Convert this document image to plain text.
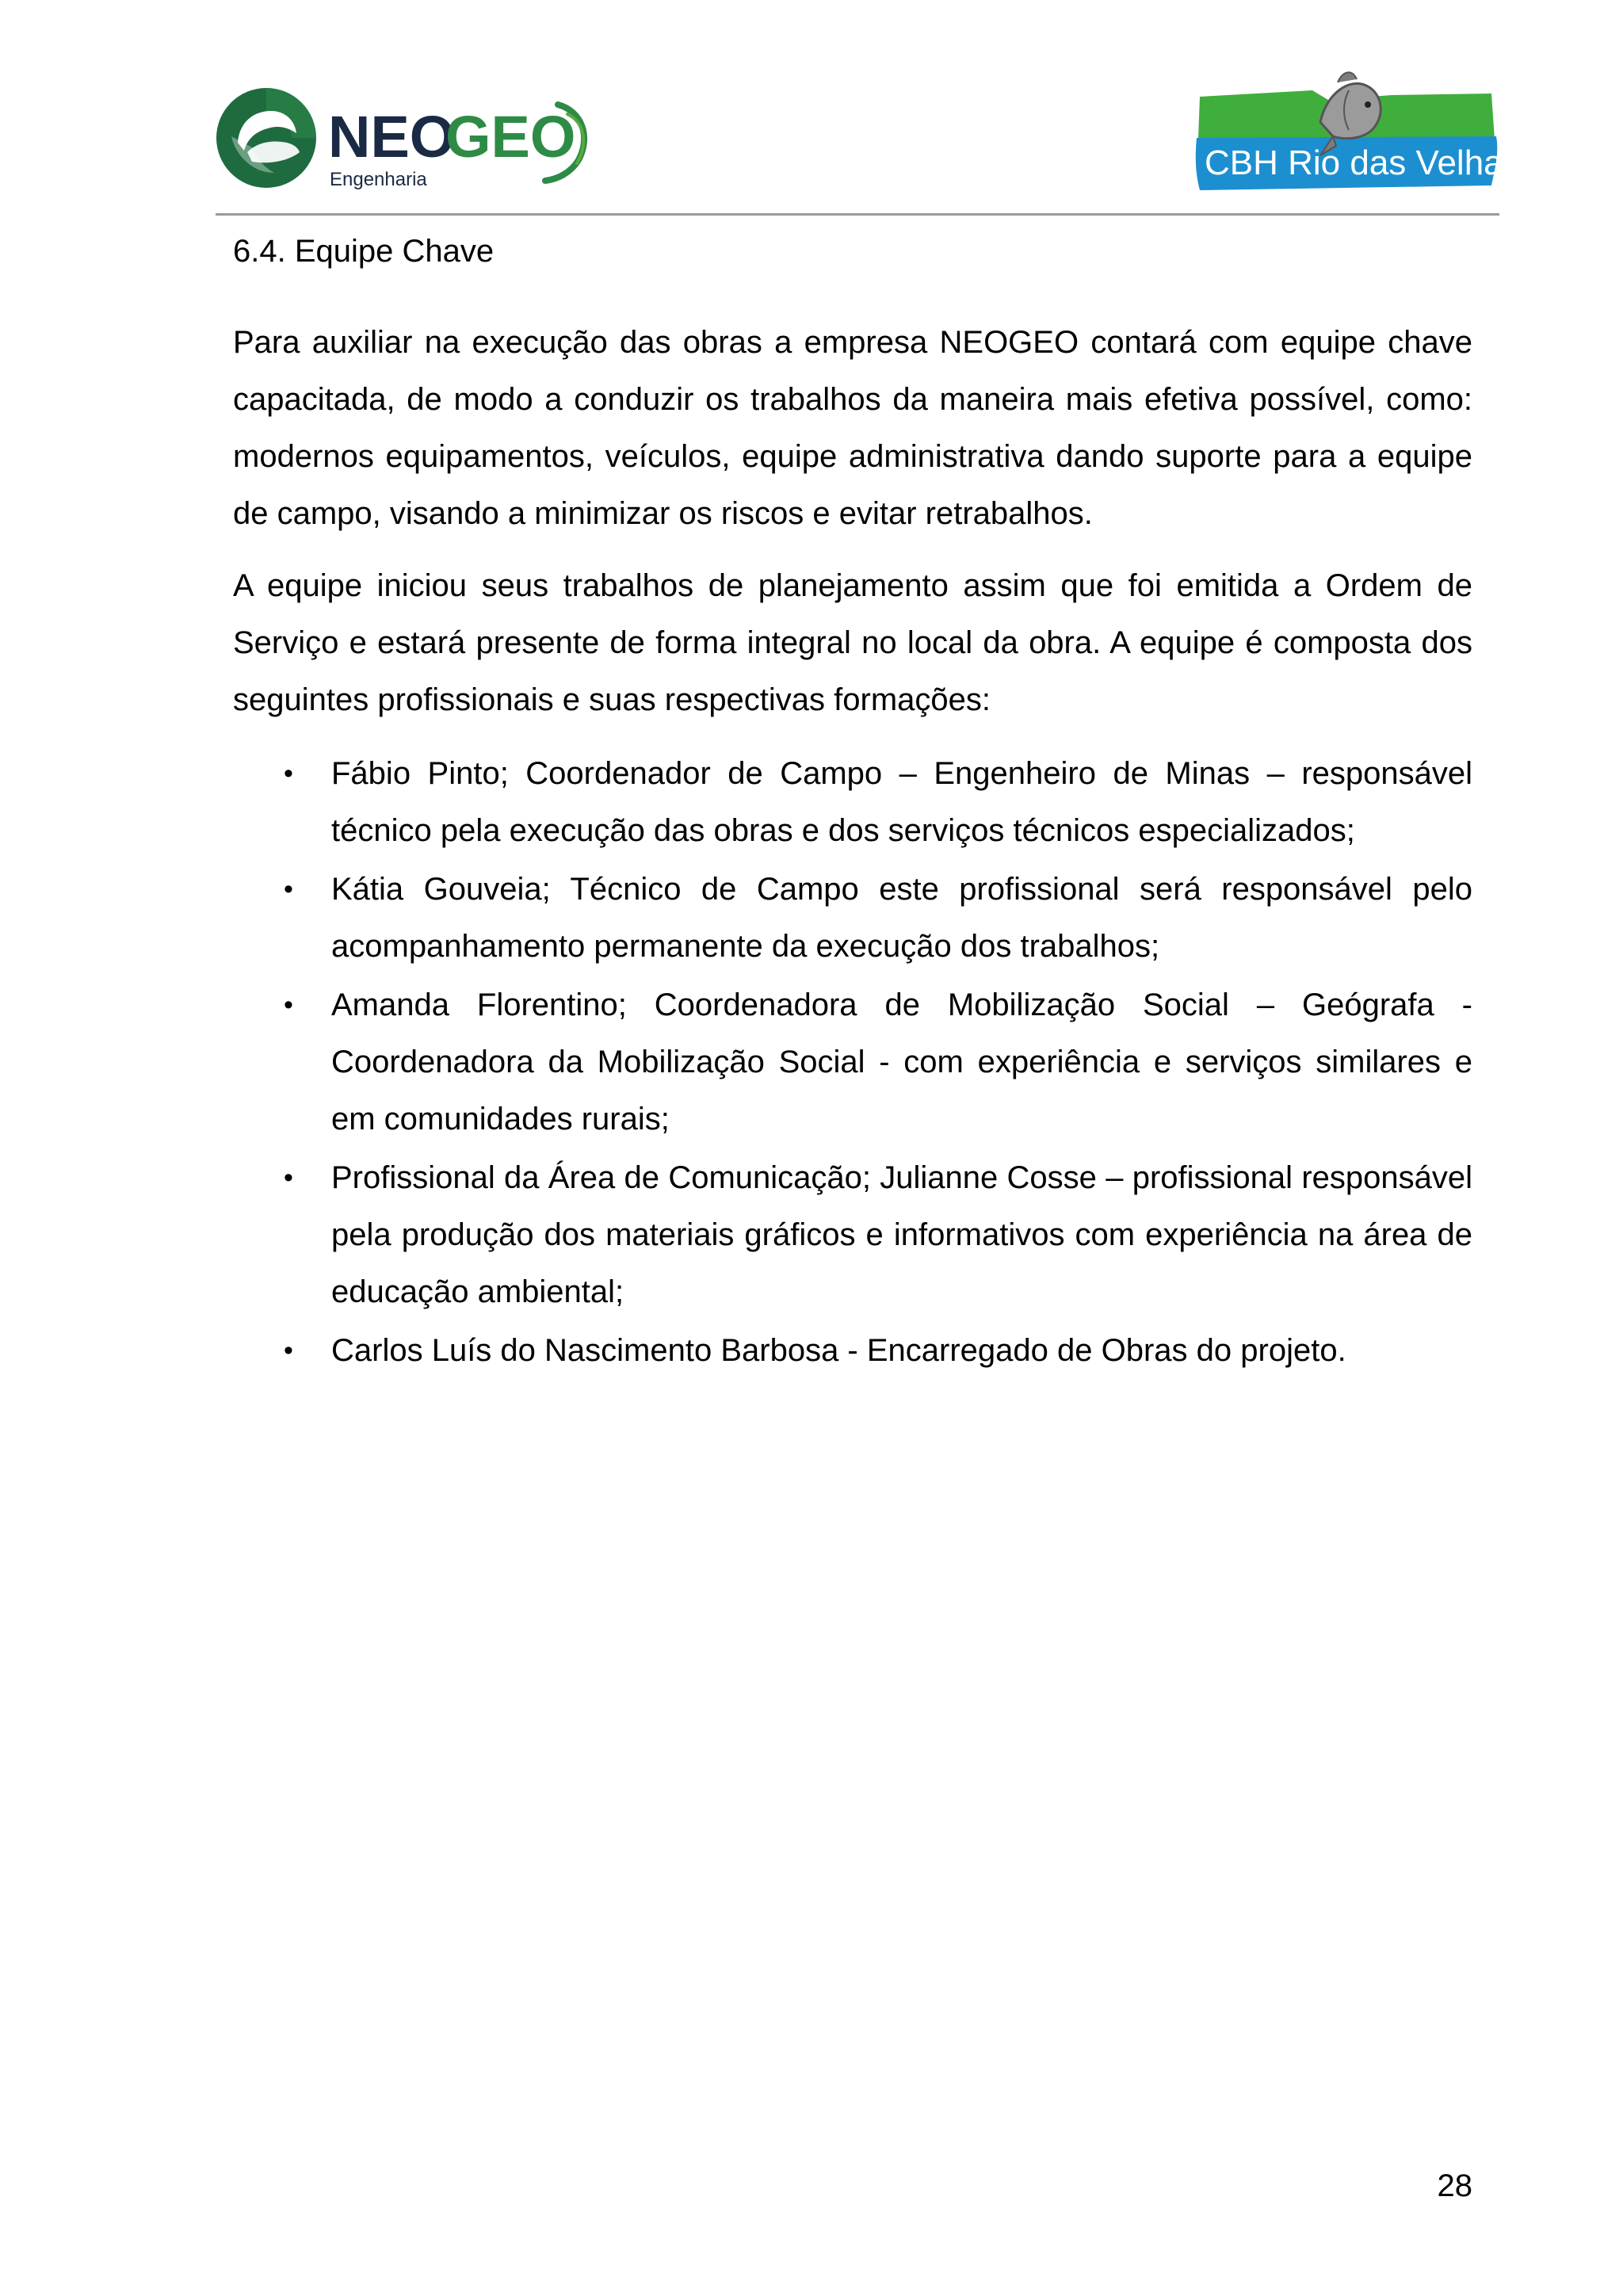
NEO
GEO
Engenharia	CBH Rio das Velhas
6.4. Equipe Chave

Para auxiliar na execução das obras a empresa NEOGEO contará com equipe chave capacitada, de modo a conduzir os trabalhos da maneira mais efetiva possível, como: modernos equipamentos, veículos, equipe administrativa dando suporte para a equipe de campo, visando a minimizar os riscos e evitar retrabalhos.

A equipe iniciou seus trabalhos de planejamento assim que foi emitida a Ordem de Serviço e estará presente de forma integral no local da obra. A equipe é composta dos seguintes profissionais e suas respectivas formações:

• Fábio Pinto; Coordenador de Campo – Engenheiro de Minas – responsável técnico pela execução das obras e dos serviços técnicos especializados;
• Kátia Gouveia; Técnico de Campo este profissional será responsável pelo acompanhamento permanente da execução dos trabalhos;
• Amanda Florentino; Coordenadora de Mobilização Social – Geógrafa - Coordenadora da Mobilização Social - com experiência e serviços similares e em comunidades rurais;
• Profissional da Área de Comunicação; Julianne Cosse – profissional responsável pela produção dos materiais gráficos e informativos com experiência na área de educação ambiental;
• Carlos Luís do Nascimento Barbosa - Encarregado de Obras do projeto.
28
